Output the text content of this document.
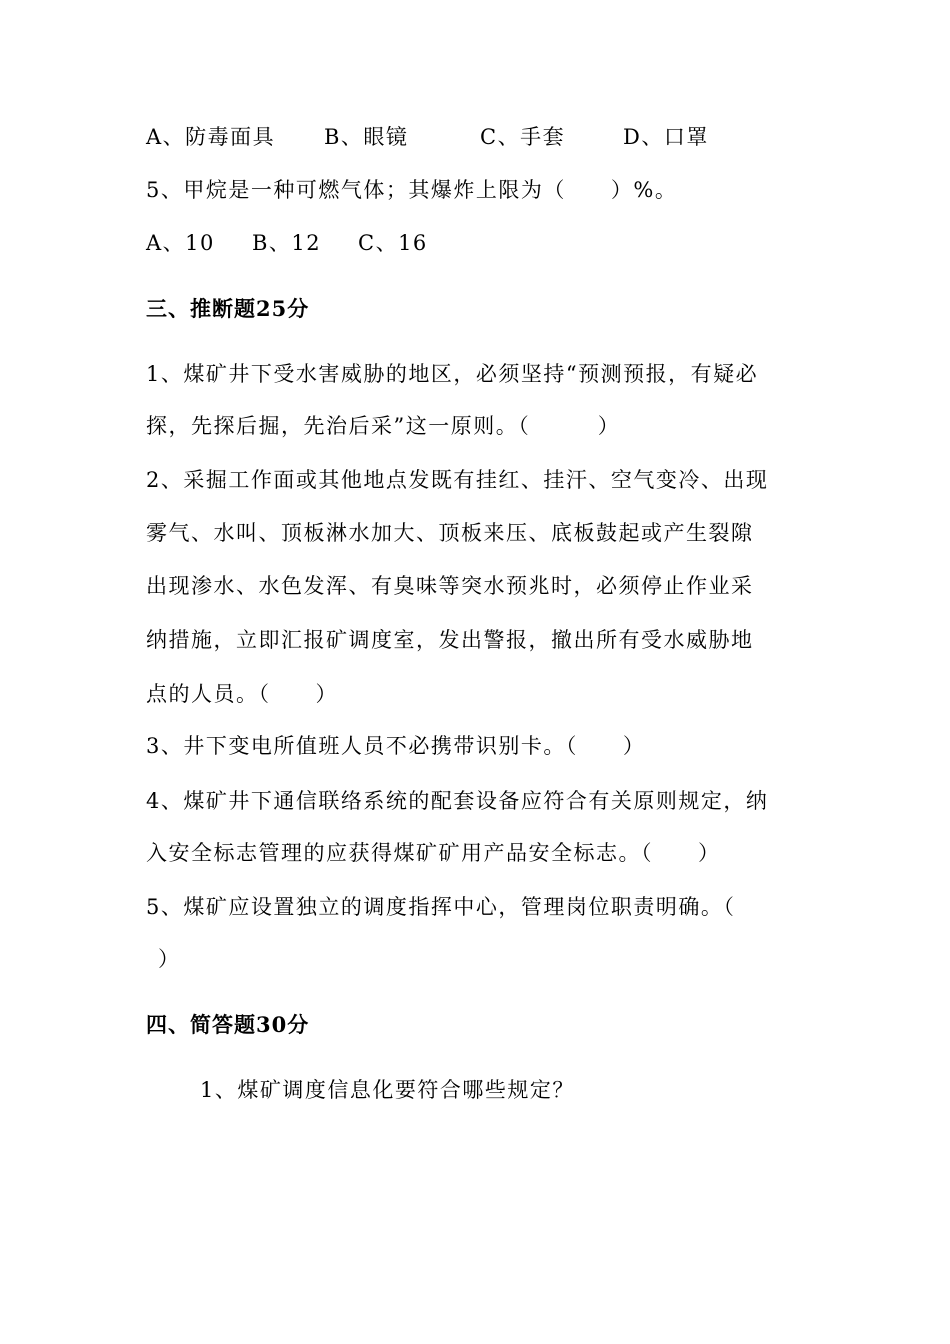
A、防毒面具 B、眼镜	C、手套	D、口罩
5、甲烷是一种可燃气体；其爆炸上限为（　　）%。
A、10 B、12 C、16
三、推断题25分
1、煤矿井下受水害威胁的地区，必须坚持“预测预报，有疑必
探，先探后掘，先治后采”这一原则。（　　　）
2、采掘工作面或其他地点发既有挂红、挂汗、空气变冷、出现
雾气、水叫、顶板淋水加大、顶板来压、底板鼓起或产生裂隙
出现渗水、水色发浑、有臭味等突水预兆时，必须停止作业采
纳措施，立即汇报矿调度室，发出警报，撤出所有受水威胁地
点的人员。（　　）
3、井下变电所值班人员不必携带识别卡。（　　）
4、煤矿井下通信联络系统的配套设备应符合有关原则规定，纳
入安全标志管理的应获得煤矿矿用产品安全标志。（　　）
5、煤矿应设置独立的调度指挥中心，管理岗位职责明确。（
）
四、简答题30分
1、煤矿调度信息化要符合哪些规定？
